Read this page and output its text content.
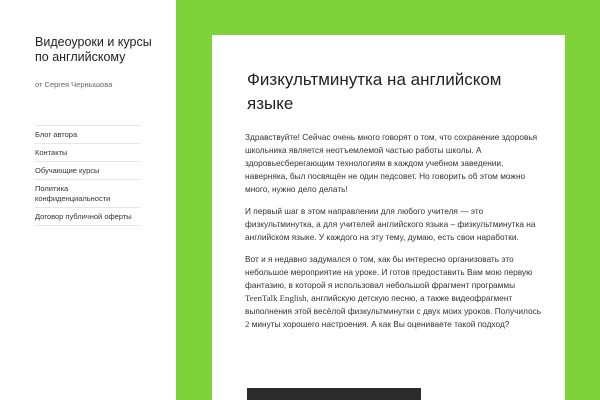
Видеоуроки и курсы по английскому
от Сергея Чернышова
Блог автора
Контакты
Обучающие курсы
Политика конфиденциальности
Договор публичной оферты
Физкультминутка на английском языке

Здравствуйте! Сейчас очень много говорят о том, что сохранение здоровья школьника является неотъемлемой частью работы школы. А здоровьесберегающим технологиям в каждом учебном заведении, наверняка, был посвящён не один педсовет. Но говорить об этом можно много, нужно дело делать!

И первый шаг в этом направлении для любого учителя — это физкультминутка, а для учителей английского языка – физкультминутка на английском языке. У каждого на эту тему, думаю, есть свои наработки.

Вот и я недавно задумался о том, как бы интересно организовать это небольшое мероприятие на уроке. И готов предоставить Вам мою первую фантазию, в которой я использовал небольшой фрагмент программы TeenTalk English, английскую детскую песню, а также видеофрагмент выполнения этой весёлой физкультминутки с двух моих уроков. Получилось 2 минуты хорошего настроения. А как Вы оцениваете такой подход?
